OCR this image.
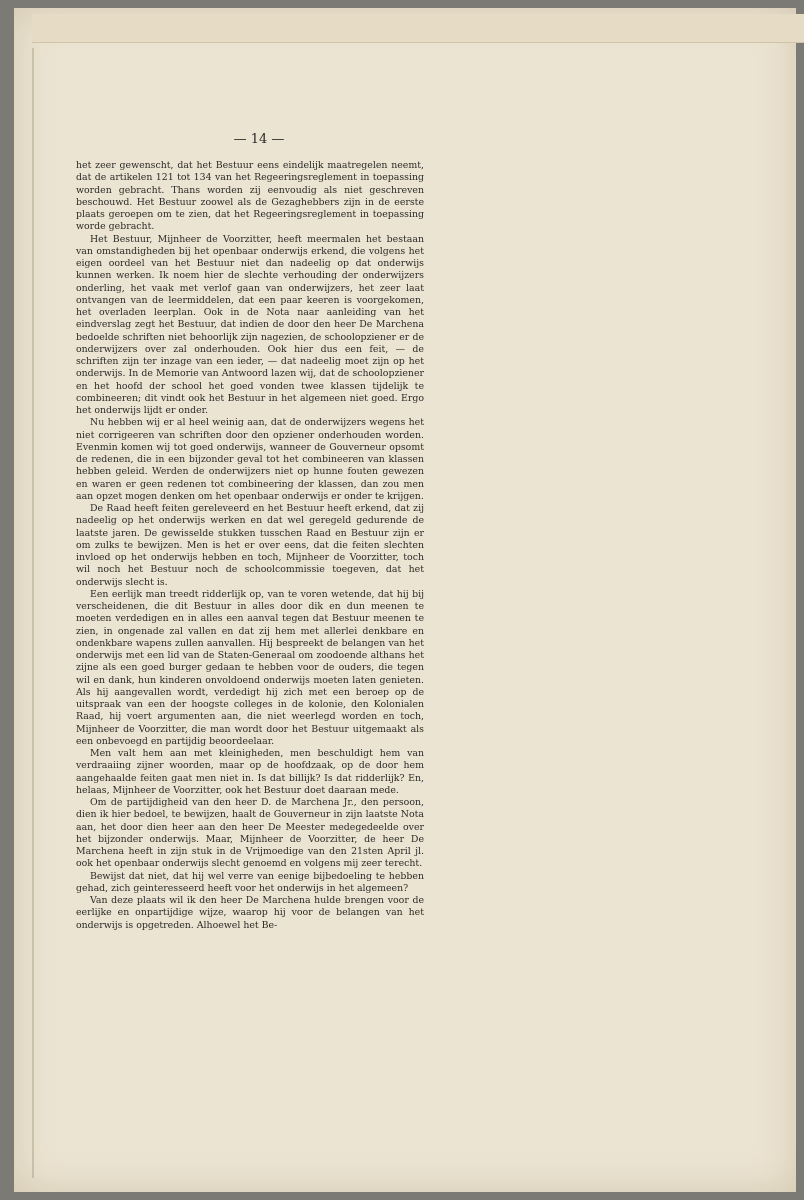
— 14 —

het zeer gewenscht, dat het Bestuur eens eindelijk maatregelen neemt, dat de artikelen 121 tot 134 van het Regeeringsreglement in toepassing worden gebracht. Thans worden zij eenvoudig als niet geschreven beschouwd. Het Bestuur zoowel als de Gezaghebbers zijn in de eerste plaats geroepen om te zien, dat het Regeeringsreglement in toepassing worde gebracht.

Het Bestuur, Mijnheer de Voorzitter, heeft meermalen het bestaan van omstandigheden bij het openbaar onderwijs erkend, die volgens het eigen oordeel van het Bestuur niet dan nadeelig op dat onderwijs kunnen werken. Ik noem hier de slechte verhouding der onderwijzers onderling, het vaak met verlof gaan van onderwijzers, het zeer laat ontvangen van de leermiddelen, dat een paar keeren is voorgekomen, het overladen leerplan. Ook in de Nota naar aanleiding van het eindverslag zegt het Bestuur, dat indien de door den heer De Marchena bedoelde schriften niet behoorlijk zijn nagezien, de schoolopziener er de onderwijzers over zal onderhouden. Ook hier dus een feit, — de schriften zijn ter inzage van een ieder, — dat nadeelig moet zijn op het onderwijs. In de Memorie van Antwoord lazen wij, dat de schoolopziener en het hoofd der school het goed vonden twee klassen tijdelijk te combineeren; dit vindt ook het Bestuur in het algemeen niet goed. Ergo het onderwijs lijdt er onder.

Nu hebben wij er al heel weinig aan, dat de onderwijzers wegens het niet corrigeeren van schriften door den opziener onderhouden worden. Evenmin komen wij tot goed onderwijs, wanneer de Gouverneur opsomt de redenen, die in een bijzonder geval tot het combineeren van klassen hebben geleid. Werden de onderwijzers niet op hunne fouten gewezen en waren er geen redenen tot combineering der klassen, dan zou men aan opzet mogen denken om het openbaar onderwijs er onder te krijgen.

De Raad heeft feiten gereleveerd en het Bestuur heeft erkend, dat zij nadeelig op het onderwijs werken en dat wel geregeld gedurende de laatste jaren. De gewisselde stukken tusschen Raad en Bestuur zijn er om zulks te bewijzen. Men is het er over eens, dat die feiten slechten invloed op het onderwijs hebben en toch, Mijnheer de Voorzitter, toch wil noch het Bestuur noch de schoolcommissie toegeven, dat het onderwijs slecht is.

Een eerlijk man treedt ridderlijk op, van te voren wetende, dat hij bij verscheidenen, die dit Bestuur in alles door dik en dun meenen te moeten verdedigen en in alles een aanval tegen dat Bestuur meenen te zien, in ongenade zal vallen en dat zij hem met allerlei denkbare en ondenkbare wapens zullen aanvallen. Hij bespreekt de belangen van het onderwijs met een lid van de Staten-Generaal om zoodoende althans het zijne als een goed burger gedaan te hebben voor de ouders, die tegen wil en dank, hun kinderen onvoldoend onderwijs moeten laten genieten. Als hij aangevallen wordt, verdedigt hij zich met een beroep op de uitspraak van een der hoogste colleges in de kolonie, den Kolonialen Raad, hij voert argumenten aan, die niet weerlegd worden en toch, Mijnheer de Voorzitter, die man wordt door het Bestuur uitgemaakt als een onbevoegd en partijdig beoordeelaar.

Men valt hem aan met kleinigheden, men beschuldigt hem van verdraaiing zijner woorden, maar op de hoofdzaak, op de door hem aangehaalde feiten gaat men niet in. Is dat billijk? Is dat ridderlijk? En, helaas, Mijnheer de Voorzitter, ook het Bestuur doet daaraan mede.

Om de partijdigheid van den heer D. de Marchena Jr., den persoon, dien ik hier bedoel, te bewijzen, haalt de Gouverneur in zijn laatste Nota aan, het door dien heer aan den heer De Meester medegedeelde over het bijzonder onderwijs. Maar, Mijnheer de Voorzitter, de heer De Marchena heeft in zijn stuk in de Vrijmoedige van den 21sten April jl. ook het openbaar onderwijs slecht genoemd en volgens mij zeer terecht.

Bewijst dat niet, dat hij wel verre van eenige bijbedoeling te hebben gehad, zich geinteresseerd heeft voor het onderwijs in het algemeen?

Van deze plaats wil ik den heer De Marchena hulde brengen voor de eerlijke en onpartijdige wijze, waarop hij voor de belangen van het onderwijs is opgetreden. Alhoewel het Be-
